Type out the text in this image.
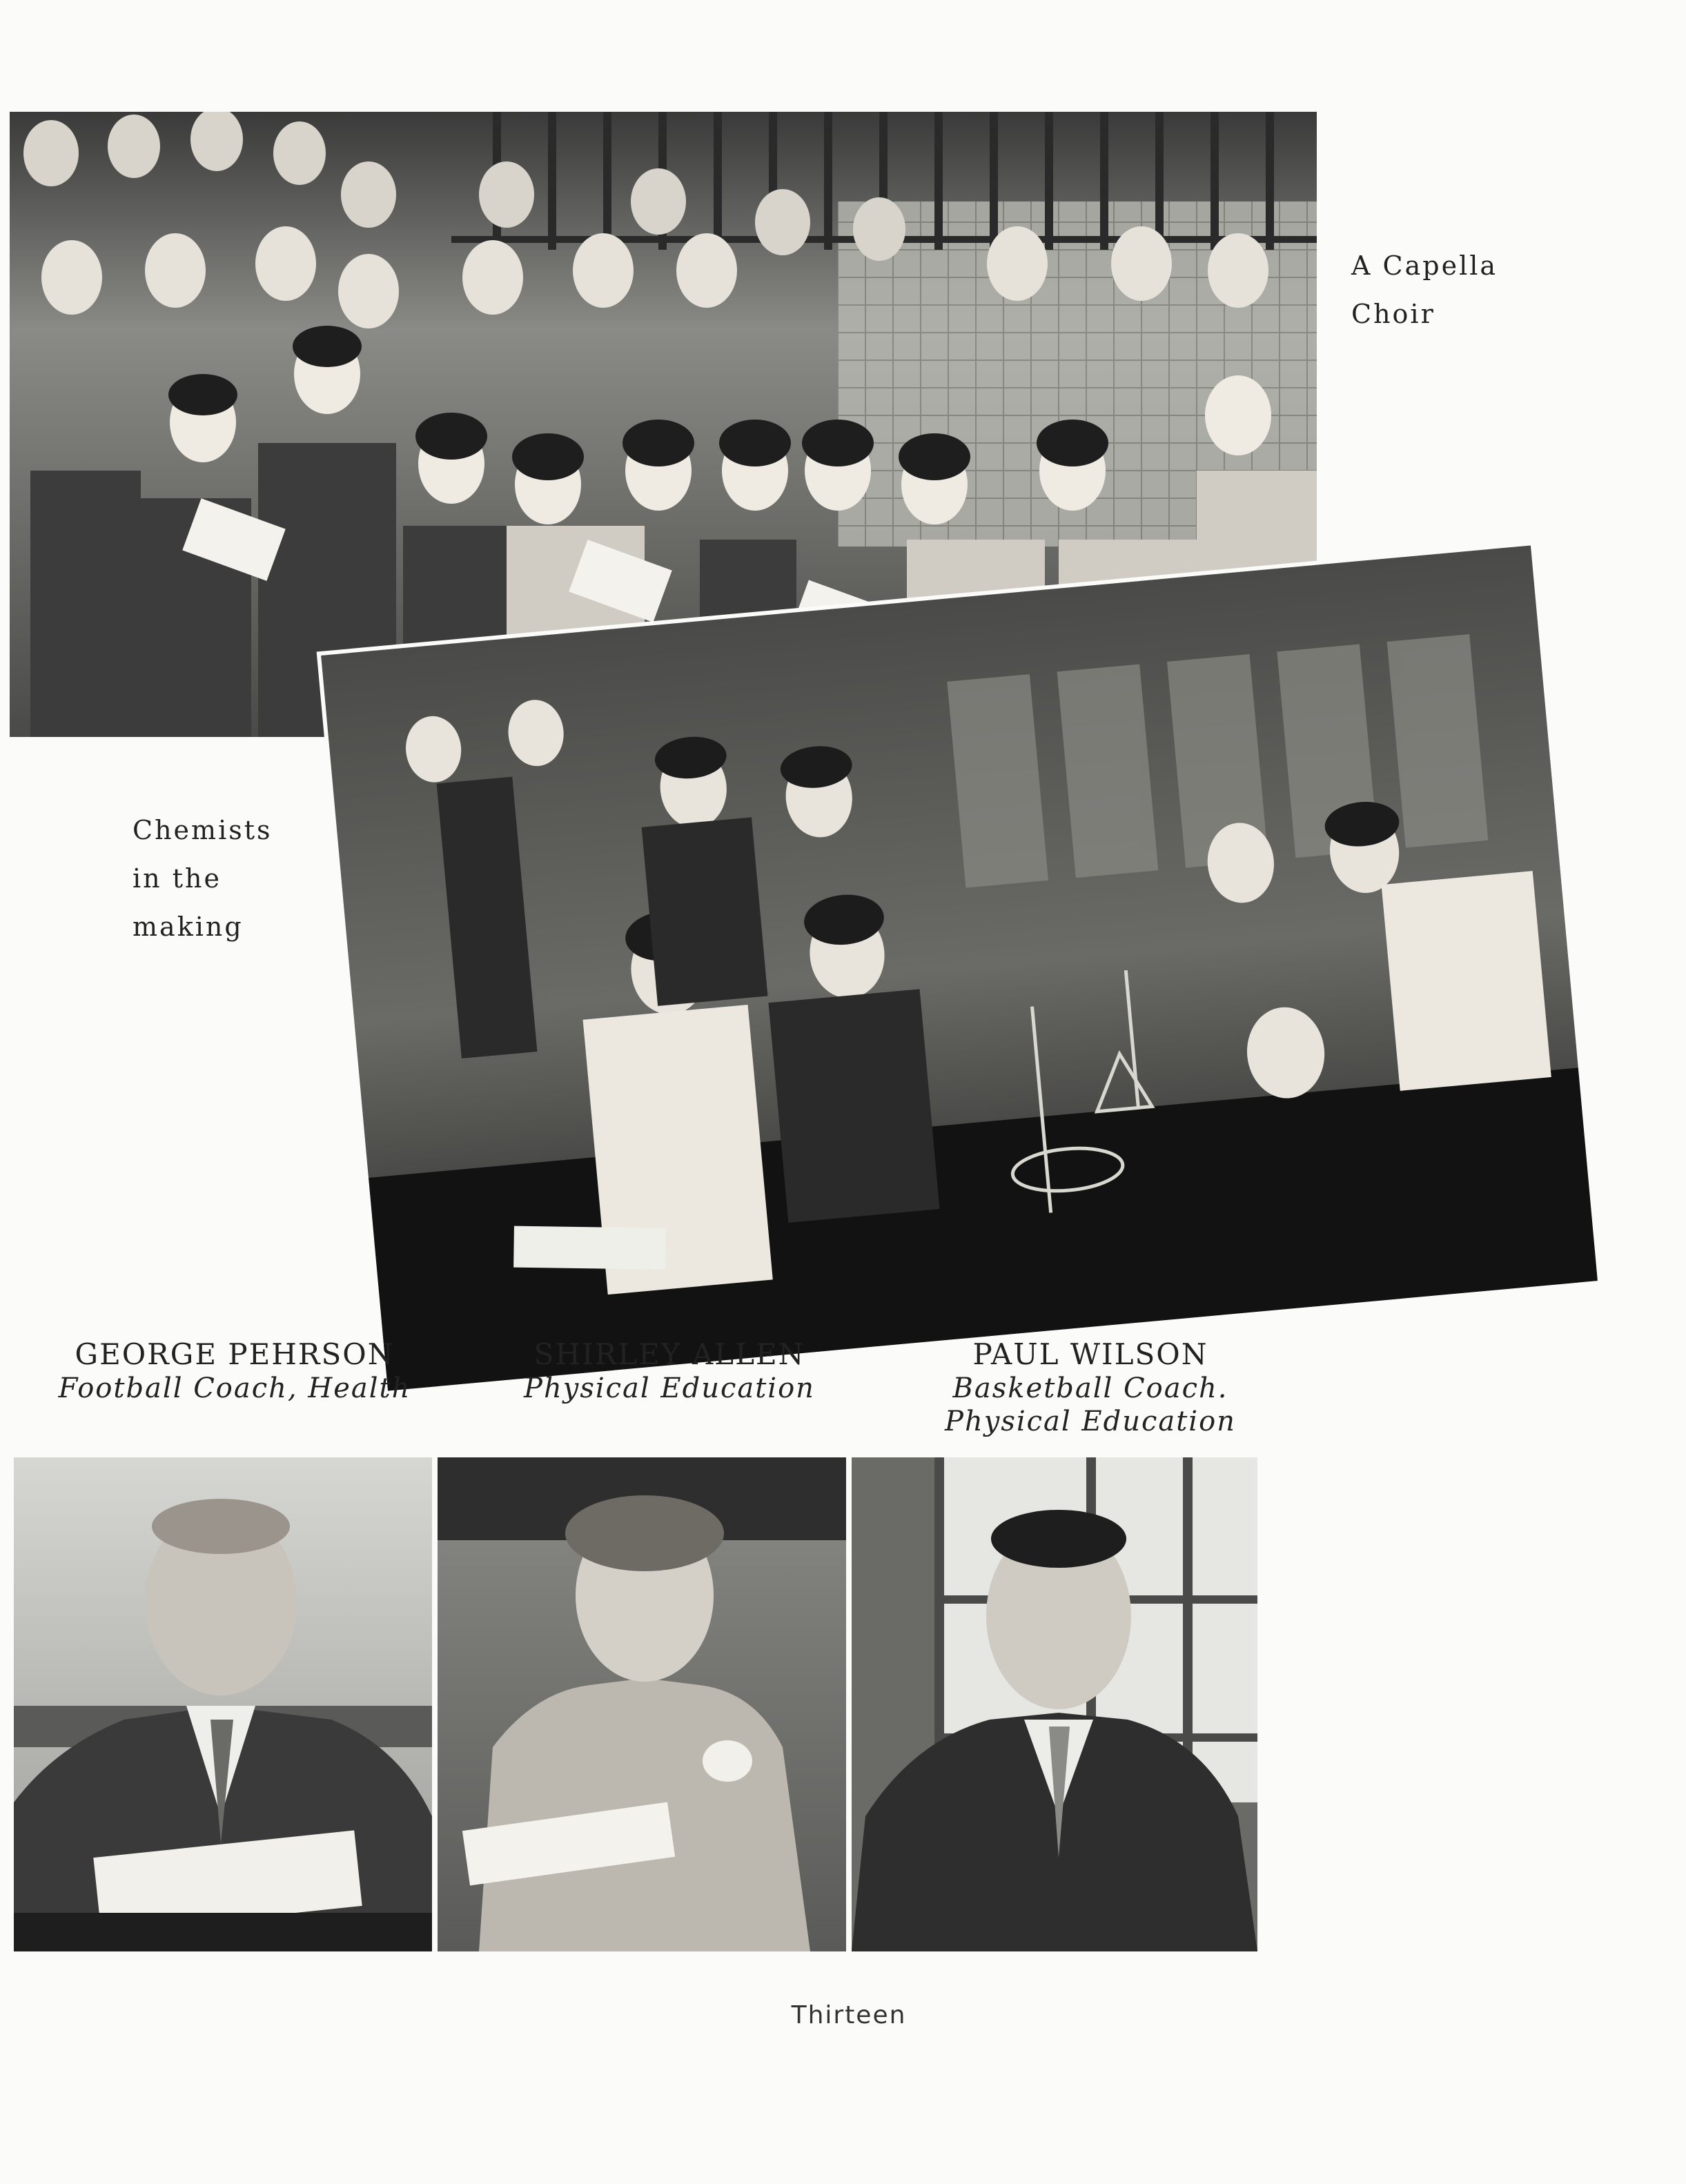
A Capella
Choir
Chemists
in the
making
GEORGE PEHRSON
Football Coach, Health
SHIRLEY ALLEN
Physical Education
PAUL WILSON
Basketball Coach.
Physical Education
Thirteen
